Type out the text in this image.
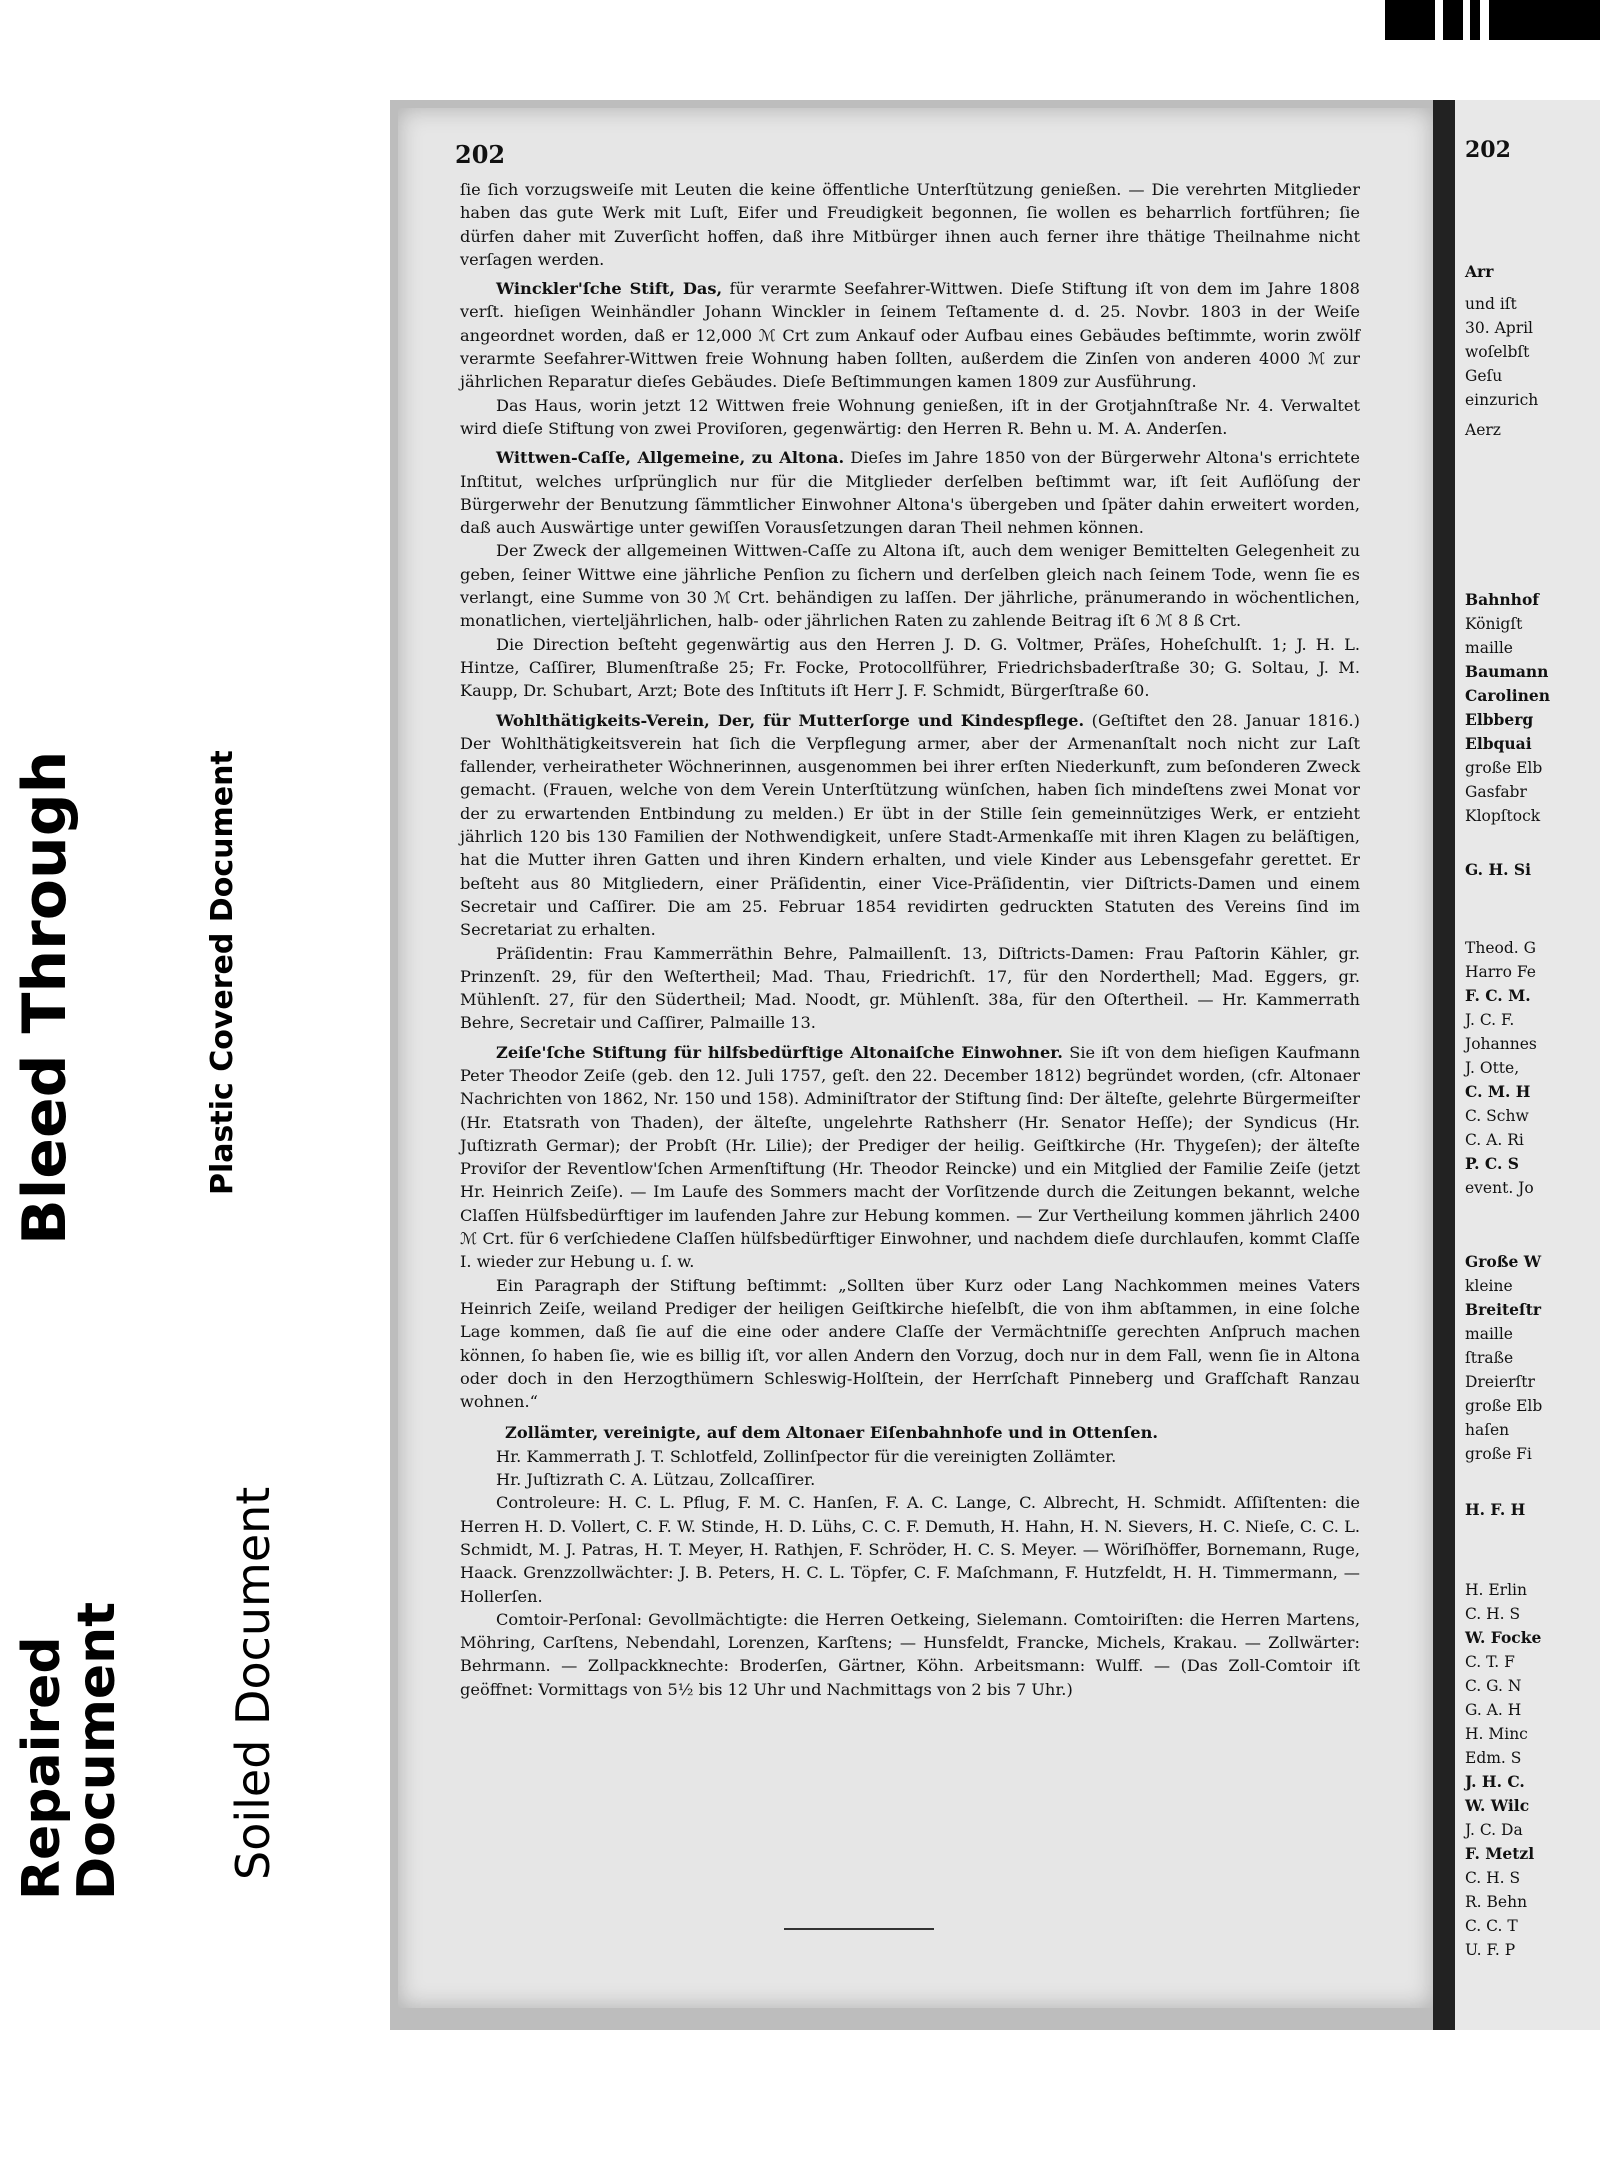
Bleed Through	Plastic Covered Document
Soiled Document
Repaired
Document
202

ſie ſich vorzugsweiſe mit Leuten die keine öffentliche Unterſtützung genießen. — Die verehrten Mitglieder haben das gute Werk mit Luſt, Eifer und Freudigkeit begonnen, ſie wollen es beharrlich fortführen; ſie dürfen daher mit Zuverſicht hoffen, daß ihre Mitbürger ihnen auch ferner ihre thätige Theilnahme nicht verſagen werden.

Winckler'ſche Stift, Das, für verarmte Seefahrer-Wittwen. Dieſe Stiftung iſt von dem im Jahre 1808 verſt. hieſigen Weinhändler Johann Winckler in ſeinem Teſtamente d. d. 25. Novbr. 1803 in der Weiſe angeordnet worden, daß er 12,000 ℳ Crt zum Ankauf oder Aufbau eines Gebäudes beſtimmte, worin zwölf verarmte Seefahrer-Wittwen freie Wohnung haben ſollten, außerdem die Zinſen von anderen 4000 ℳ zur jährlichen Reparatur dieſes Gebäudes. Dieſe Beſtimmungen kamen 1809 zur Ausführung.

Das Haus, worin jetzt 12 Wittwen freie Wohnung genießen, iſt in der Grotjahnſtraße Nr. 4. Verwaltet wird dieſe Stiftung von zwei Proviſoren, gegenwärtig: den Herren R. Behn u. M. A. Anderſen.

Wittwen-Caſſe, Allgemeine, zu Altona. Dieſes im Jahre 1850 von der Bürgerwehr Altona's errichtete Inſtitut, welches urſprünglich nur für die Mitglieder derſelben beſtimmt war, iſt ſeit Auflöſung der Bürgerwehr der Benutzung ſämmtlicher Einwohner Altona's übergeben und ſpäter dahin erweitert worden, daß auch Auswärtige unter gewiſſen Vorausſetzungen daran Theil nehmen können.

Der Zweck der allgemeinen Wittwen-Caſſe zu Altona iſt, auch dem weniger Bemittelten Gelegenheit zu geben, ſeiner Wittwe eine jährliche Penſion zu ſichern und derſelben gleich nach ſeinem Tode, wenn ſie es verlangt, eine Summe von 30 ℳ Crt. behändigen zu laſſen. Der jährliche, pränumerando in wöchentlichen, monatlichen, vierteljährlichen, halb- oder jährlichen Raten zu zahlende Beitrag iſt 6 ℳ 8 ß Crt.

Die Direction beſteht gegenwärtig aus den Herren J. D. G. Voltmer, Präſes, Hoheſchulſt. 1; J. H. L. Hintze, Caſſirer, Blumenſtraße 25; Fr. Focke, Protocollführer, Friedrichsbaderſtraße 30; G. Soltau, J. M. Kaupp, Dr. Schubart, Arzt; Bote des Inſtituts iſt Herr J. F. Schmidt, Bürgerſtraße 60.

Wohlthätigkeits-Verein, Der, für Mutterſorge und Kindespflege. (Geſtiftet den 28. Januar 1816.) Der Wohlthätigkeitsverein hat ſich die Verpflegung armer, aber der Armenanſtalt noch nicht zur Laſt fallender, verheiratheter Wöchnerinnen, ausgenommen bei ihrer erſten Niederkunft, zum beſonderen Zweck gemacht. (Frauen, welche von dem Verein Unterſtützung wünſchen, haben ſich mindeſtens zwei Monat vor der zu erwartenden Entbindung zu melden.) Er übt in der Stille ſein gemeinnütziges Werk, er entzieht jährlich 120 bis 130 Familien der Nothwendigkeit, unſere Stadt-Armenkaſſe mit ihren Klagen zu beläſtigen, hat die Mutter ihren Gatten und ihren Kindern erhalten, und viele Kinder aus Lebensgefahr gerettet. Er beſteht aus 80 Mitgliedern, einer Präſidentin, einer Vice-Präſidentin, vier Diſtricts-Damen und einem Secretair und Caſſirer. Die am 25. Februar 1854 revidirten gedruckten Statuten des Vereins ſind im Secretariat zu erhalten.

Präſidentin: Frau Kammerräthin Behre, Palmaillenſt. 13, Diſtricts-Damen: Frau Paſtorin Kähler, gr. Prinzenſt. 29, für den Weſtertheil; Mad. Thau, Friedrichſt. 17, für den Norderthell; Mad. Eggers, gr. Mühlenſt. 27, für den Südertheil; Mad. Noodt, gr. Mühlenſt. 38a, für den Oſtertheil. — Hr. Kammerrath Behre, Secretair und Caſſirer, Palmaille 13.

Zeiſe'ſche Stiftung für hilfsbedürftige Altonaiſche Einwohner. Sie iſt von dem hieſigen Kaufmann Peter Theodor Zeiſe (geb. den 12. Juli 1757, geſt. den 22. December 1812) begründet worden, (cfr. Altonaer Nachrichten von 1862, Nr. 150 und 158). Adminiſtrator der Stiftung ſind: Der älteſte, gelehrte Bürgermeiſter (Hr. Etatsrath von Thaden), der älteſte, ungelehrte Rathsherr (Hr. Senator Heſſe); der Syndicus (Hr. Juſtizrath Germar); der Probſt (Hr. Lilie); der Prediger der heilig. Geiſtkirche (Hr. Thygeſen); der älteſte Proviſor der Reventlow'ſchen Armenſtiftung (Hr. Theodor Reincke) und ein Mitglied der Familie Zeiſe (jetzt Hr. Heinrich Zeiſe). — Im Laufe des Sommers macht der Vorſitzende durch die Zeitungen bekannt, welche Claſſen Hülfsbedürftiger im laufenden Jahre zur Hebung kommen. — Zur Vertheilung kommen jährlich 2400 ℳ Crt. für 6 verſchiedene Claſſen hülfsbedürftiger Einwohner, und nachdem dieſe durchlaufen, kommt Claſſe I. wieder zur Hebung u. ſ. w.

Ein Paragraph der Stiftung beſtimmt: „Sollten über Kurz oder Lang Nachkommen meines Vaters Heinrich Zeiſe, weiland Prediger der heiligen Geiſtkirche hieſelbſt, die von ihm abſtammen, in eine ſolche Lage kommen, daß ſie auf die eine oder andere Claſſe der Vermächtniſſe gerechten Anſpruch machen können, ſo haben ſie, wie es billig iſt, vor allen Andern den Vorzug, doch nur in dem Fall, wenn ſie in Altona oder doch in den Herzogthümern Schleswig-Holſtein, der Herrſchaft Pinneberg und Grafſchaft Ranzau wohnen.“

Zollämter, vereinigte, auf dem Altonaer Eiſenbahnhofe und in Ottenſen.

Hr. Kammerrath J. T. Schlotfeld, Zollinſpector für die vereinigten Zollämter.

Hr. Juſtizrath C. A. Lützau, Zollcaſſirer.

Controleure: H. C. L. Pflug, F. M. C. Hanſen, F. A. C. Lange, C. Albrecht, H. Schmidt. Aſſiſtenten: die Herren H. D. Vollert, C. F. W. Stinde, H. D. Lühs, C. C. F. Demuth, H. Hahn, H. N. Sievers, H. C. Nieſe, C. C. L. Schmidt, M. J. Patras, H. T. Meyer, H. Rathjen, F. Schröder, H. C. S. Meyer. — Wöriſhöffer, Bornemann, Ruge, Haack. Grenzzollwächter: J. B. Peters, H. C. L. Töpfer, C. F. Maſchmann, F. Hutzfeldt, H. H. Timmermann, — Hollerſen.

Comtoir-Perſonal: Gevollmächtigte: die Herren Oetkeing, Sielemann. Comtoiriſten: die Herren Martens, Möhring, Carſtens, Nebendahl, Lorenzen, Karſtens; — Hunsfeldt, Francke, Michels, Krakau. — Zollwärter: Behrmann. — Zollpackknechte: Broderſen, Gärtner, Köhn. Arbeitsmann: Wulff. — (Das Zoll-Comtoir iſt geöffnet: Vormittags von 5½ bis 12 Uhr und Nachmittags von 2 bis 7 Uhr.)

Arr
und iſt
30. April
woſelbſt
Geſu
einzurich
Aerz
Bahnhof
Königſt
maille
Baumann
Carolinen
Elbberg
Elbquai
große Elb
Gasfabr
Klopſtock
G. H. Si
Theod. G
Harro Fe
F. C. M.
J. C. F.
Johannes
J. Otte,
C. M. H
C. Schw
C. A. Ri
P. C. S
event. Jo
Große W
kleine
Breiteſtr
maille
ſtraße
Dreierſtr
große Elb
haſen
große Fi
H. F. H
H. Erlin
C. H. S
W. Focke
C. T. F
C. G. N
G. A. H
H. Minc
Edm. S
J. H. C.
W. Wilc
J. C. Da
F. Metzl
C. H. S
R. Behn
C. C. T
U. F. P
202
